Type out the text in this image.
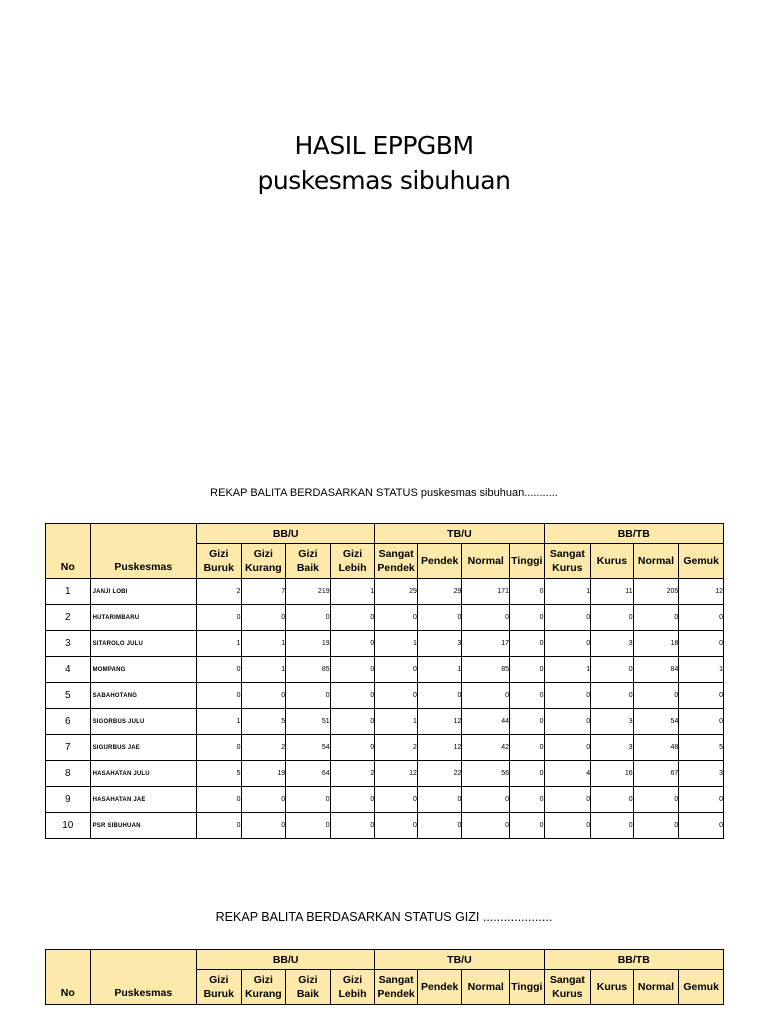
HASIL EPPGBM
puskesmas sibuhuan
REKAP BALITA BERDASARKAN STATUS puskesmas sibuhuan...........
No	Puskesmas	BB/U				TB/U				BB/TB			
		Gizi Buruk	Gizi Kurang	Gizi Baik	Gizi Lebih	Sangat Pendek	Pendek	Normal	Tinggi	Sangat Kurus	Kurus	Normal	Gemuk
1	JANJI LOBI	2	7	219	1	29	29	171	0	1	11	205	12
2	HUTARIMBARU	0	0	0	0	0	0	0	0	0	0	0	0
3	SITAROLO JULU	1	1	19	0	1	3	17	0	0	3	18	0
4	MOMPANG	0	1	85	0	0	1	85	0	1	0	84	1
5	SABAHOTANG	0	0	0	0	0	0	0	0	0	0	0	0
6	SIGORBUS JULU	1	5	51	0	1	12	44	0	0	3	54	0
7	SIGURBUS JAE	0	2	54	0	2	12	42	0	0	3	48	5
8	HASAHATAN JULU	5	19	64	2	12	22	56	0	4	16	67	3
9	HASAHATAN JAE	0	0	0	0	0	0	0	0	0	0	0	0
10	PSR SIBUHUAN	0	0	0	0	0	0	0	0	0	0	0	0
REKAP BALITA BERDASARKAN STATUS GIZI ....................
No	Puskesmas	BB/U				TB/U				BB/TB			
		Gizi Buruk	Gizi Kurang	Gizi Baik	Gizi Lebih	Sangat Pendek	Pendek	Normal	Tinggi	Sangat Kurus	Kurus	Normal	Gemuk
